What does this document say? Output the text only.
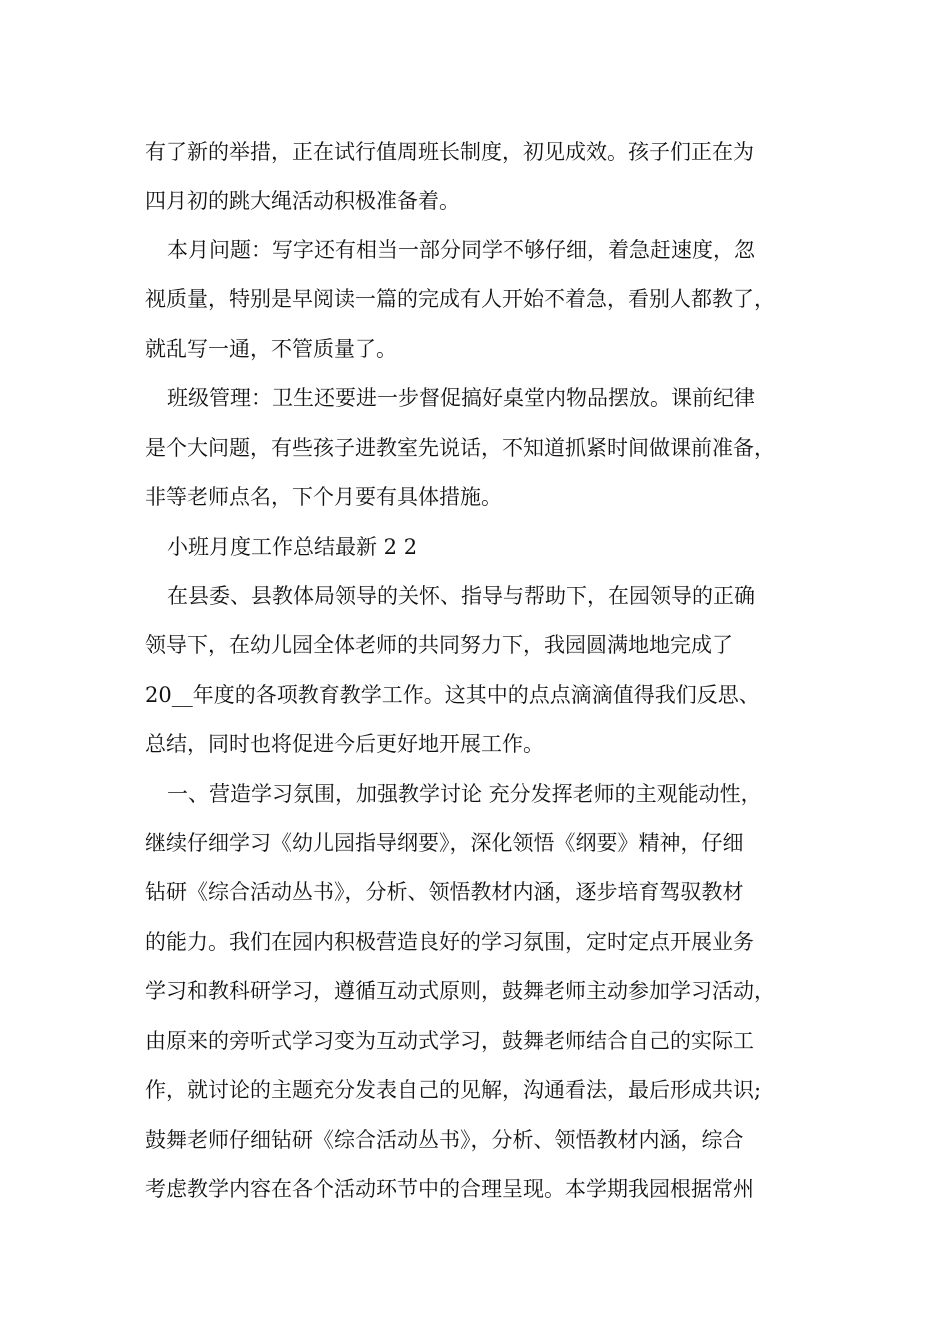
有了新的举措，正在试行值周班长制度，初见成效。孩子们正在为
四月初的跳大绳活动积极准备着。
本月问题：写字还有相当一部分同学不够仔细，着急赶速度，忽
视质量，特别是早阅读一篇的完成有人开始不着急，看别人都教了，
就乱写一通，不管质量了。
班级管理：卫生还要进一步督促搞好桌堂内物品摆放。课前纪律
是个大问题，有些孩子进教室先说话，不知道抓紧时间做课前准备，
非等老师点名，下个月要有具体措施。
小班月度工作总结最新 2 2
在县委、县教体局领导的关怀、指导与帮助下，在园领导的正确
领导下，在幼儿园全体老师的共同努力下，我园圆满地地完成了
20__年度的各项教育教学工作。这其中的点点滴滴值得我们反思、
总结，同时也将促进今后更好地开展工作。
一、营造学习氛围，加强教学讨论 充分发挥老师的主观能动性，
继续仔细学习《幼儿园指导纲要》，深化领悟《纲要》精神，仔细
钻研《综合活动丛书》，分析、领悟教材内涵，逐步培育驾驭教材
的能力。我们在园内积极营造良好的学习氛围，定时定点开展业务
学习和教科研学习，遵循互动式原则，鼓舞老师主动参加学习活动，
由原来的旁听式学习变为互动式学习，鼓舞老师结合自己的实际工
作，就讨论的主题充分发表自己的见解，沟通看法，最后形成共识;
鼓舞老师仔细钻研《综合活动丛书》，分析、领悟教材内涵，综合
考虑教学内容在各个活动环节中的合理呈现。本学期我园根据常州
